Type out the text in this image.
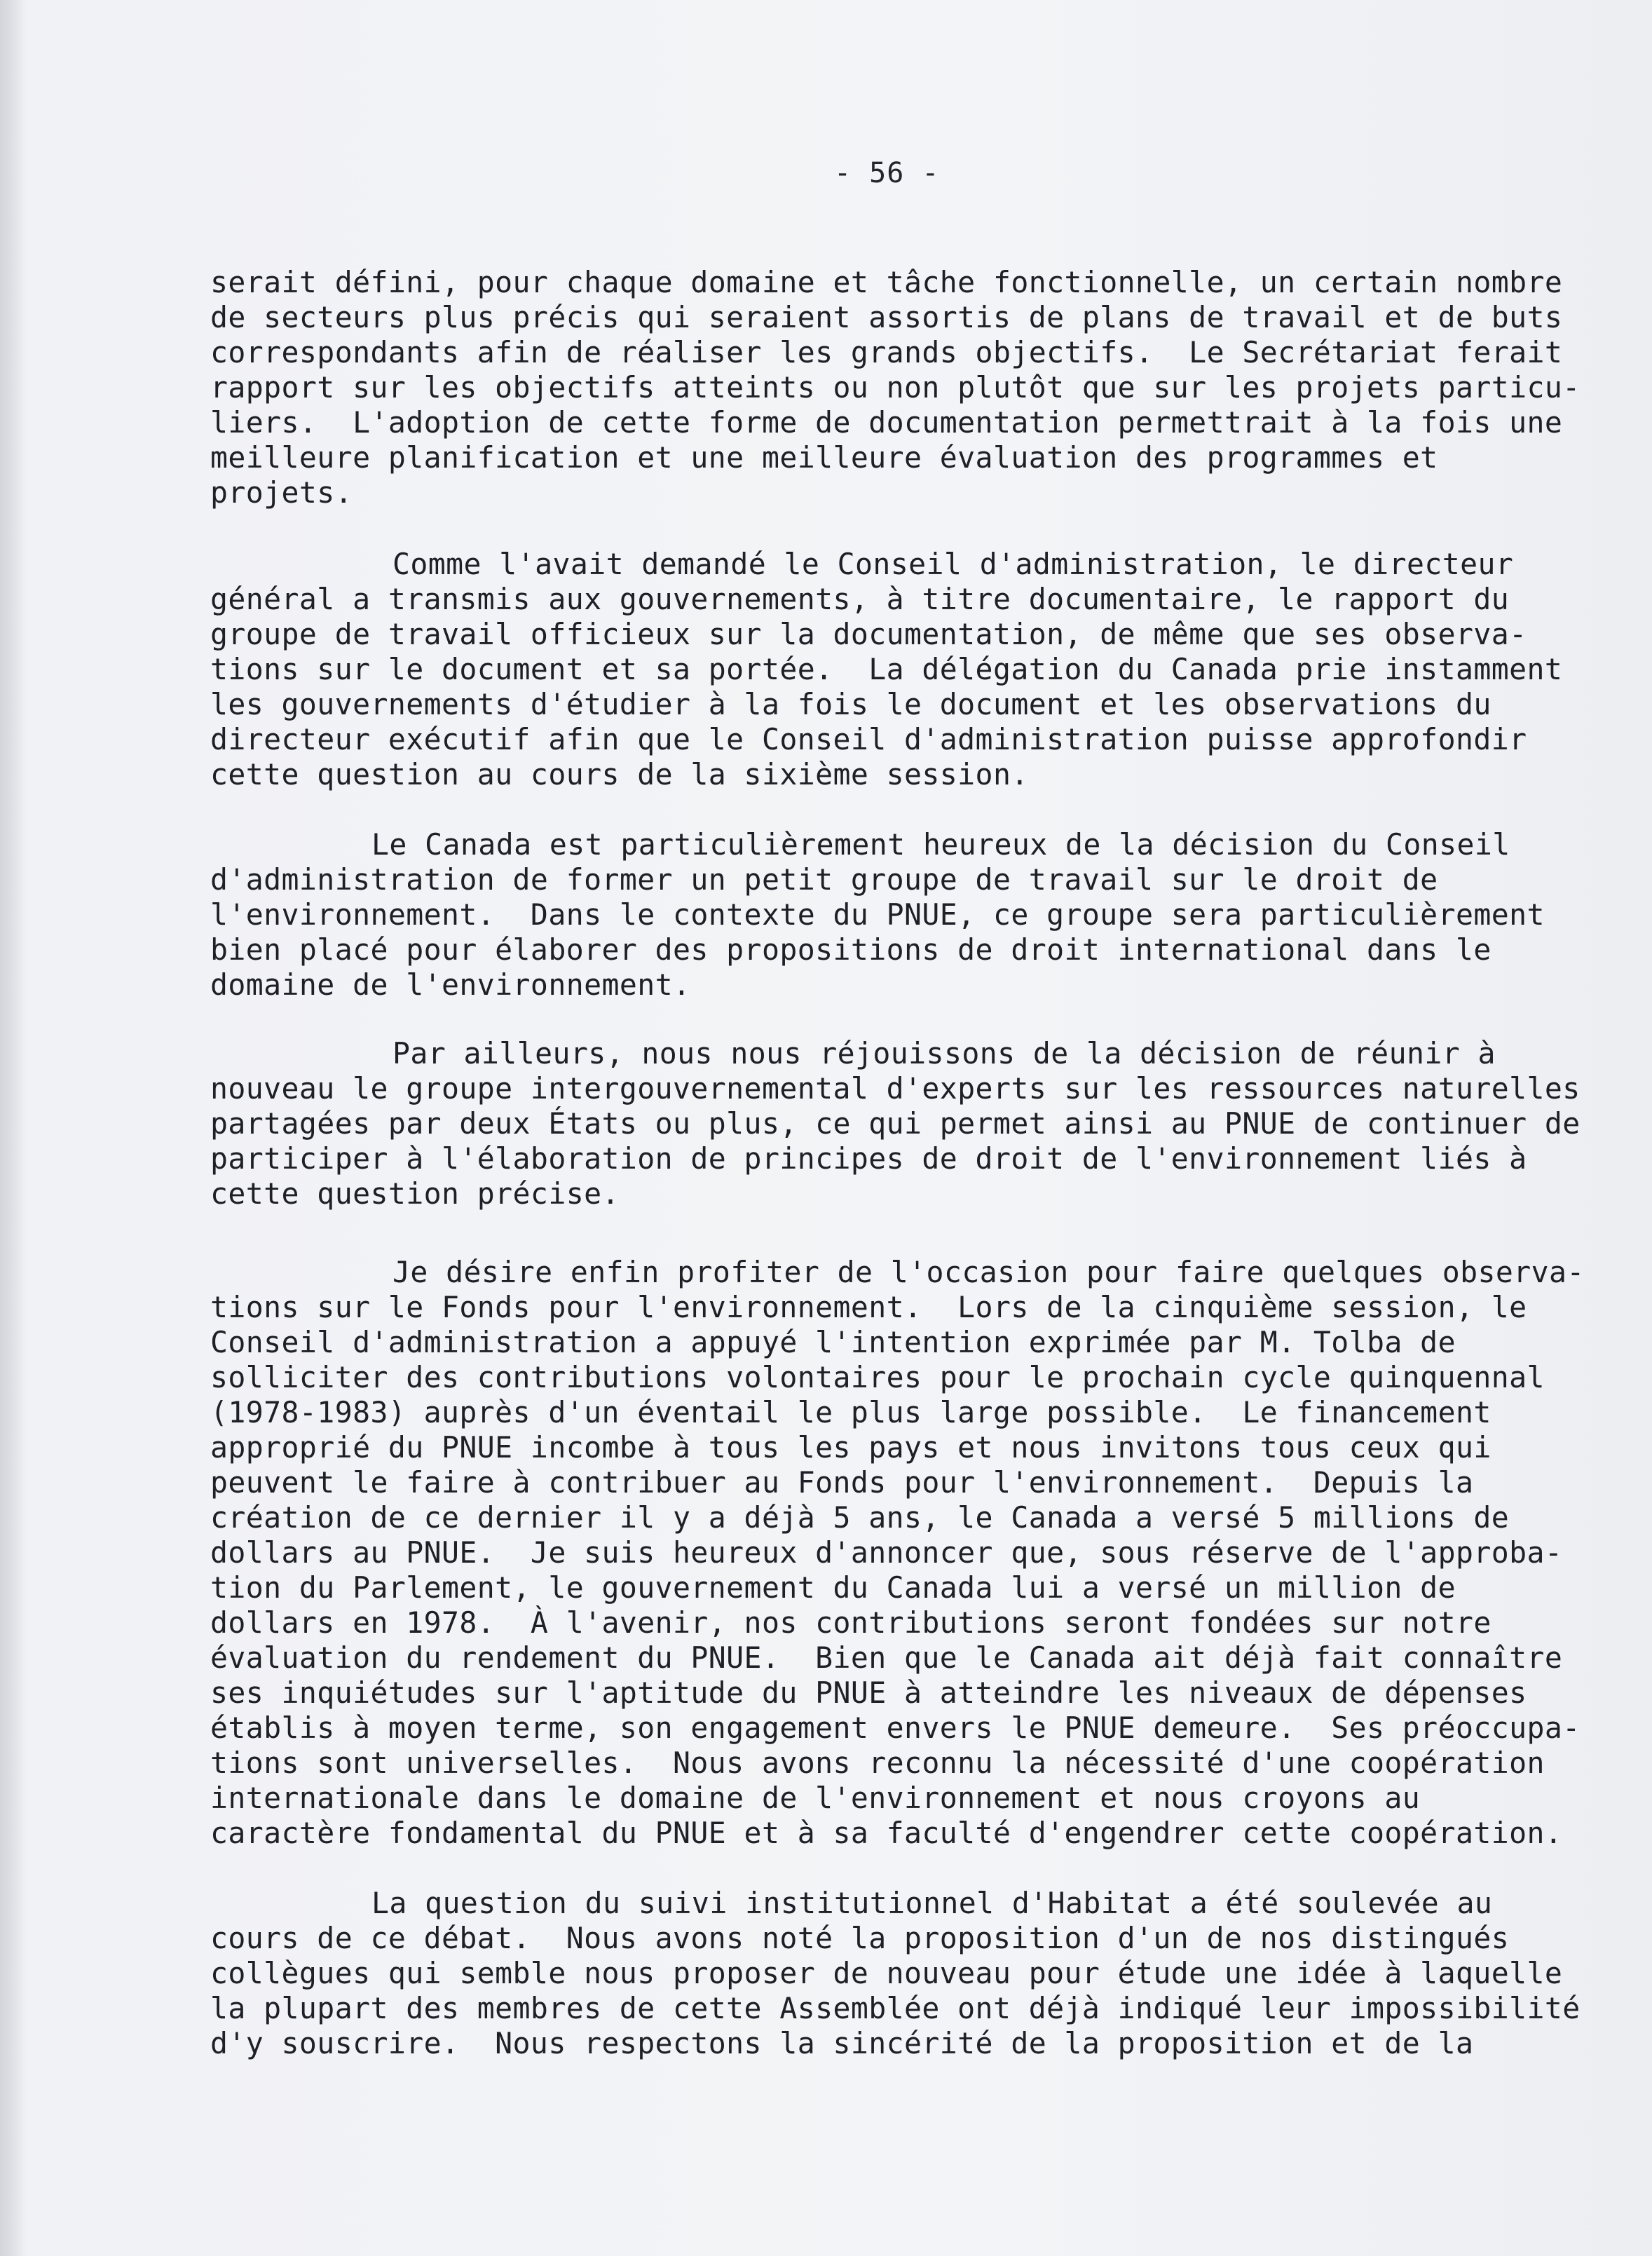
- 56 -

serait défini, pour chaque domaine et tâche fonctionnelle, un certain nombre
de secteurs plus précis qui seraient assortis de plans de travail et de buts
correspondants afin de réaliser les grands objectifs.  Le Secrétariat ferait
rapport sur les objectifs atteints ou non plutôt que sur les projets particu-
liers.  L'adoption de cette forme de documentation permettrait à la fois une
meilleure planification et une meilleure évaluation des programmes et
projets.

Comme l'avait demandé le Conseil d'administration, le directeur
général a transmis aux gouvernements, à titre documentaire, le rapport du
groupe de travail officieux sur la documentation, de même que ses observa-
tions sur le document et sa portée.  La délégation du Canada prie instamment
les gouvernements d'étudier à la fois le document et les observations du
directeur exécutif afin que le Conseil d'administration puisse approfondir
cette question au cours de la sixième session.

Le Canada est particulièrement heureux de la décision du Conseil
d'administration de former un petit groupe de travail sur le droit de
l'environnement.  Dans le contexte du PNUE, ce groupe sera particulièrement
bien placé pour élaborer des propositions de droit international dans le
domaine de l'environnement.

Par ailleurs, nous nous réjouissons de la décision de réunir à
nouveau le groupe intergouvernemental d'experts sur les ressources naturelles
partagées par deux États ou plus, ce qui permet ainsi au PNUE de continuer de
participer à l'élaboration de principes de droit de l'environnement liés à
cette question précise.

Je désire enfin profiter de l'occasion pour faire quelques observa-
tions sur le Fonds pour l'environnement.  Lors de la cinquième session, le
Conseil d'administration a appuyé l'intention exprimée par M. Tolba de
solliciter des contributions volontaires pour le prochain cycle quinquennal
(1978-1983) auprès d'un éventail le plus large possible.  Le financement
approprié du PNUE incombe à tous les pays et nous invitons tous ceux qui
peuvent le faire à contribuer au Fonds pour l'environnement.  Depuis la
création de ce dernier il y a déjà 5 ans, le Canada a versé 5 millions de
dollars au PNUE.  Je suis heureux d'annoncer que, sous réserve de l'approba-
tion du Parlement, le gouvernement du Canada lui a versé un million de
dollars en 1978.  À l'avenir, nos contributions seront fondées sur notre
évaluation du rendement du PNUE.  Bien que le Canada ait déjà fait connaître
ses inquiétudes sur l'aptitude du PNUE à atteindre les niveaux de dépenses
établis à moyen terme, son engagement envers le PNUE demeure.  Ses préoccupa-
tions sont universelles.  Nous avons reconnu la nécessité d'une coopération
internationale dans le domaine de l'environnement et nous croyons au
caractère fondamental du PNUE et à sa faculté d'engendrer cette coopération.

La question du suivi institutionnel d'Habitat a été soulevée au
cours de ce débat.  Nous avons noté la proposition d'un de nos distingués
collègues qui semble nous proposer de nouveau pour étude une idée à laquelle
la plupart des membres de cette Assemblée ont déjà indiqué leur impossibilité
d'y souscrire.  Nous respectons la sincérité de la proposition et de la
